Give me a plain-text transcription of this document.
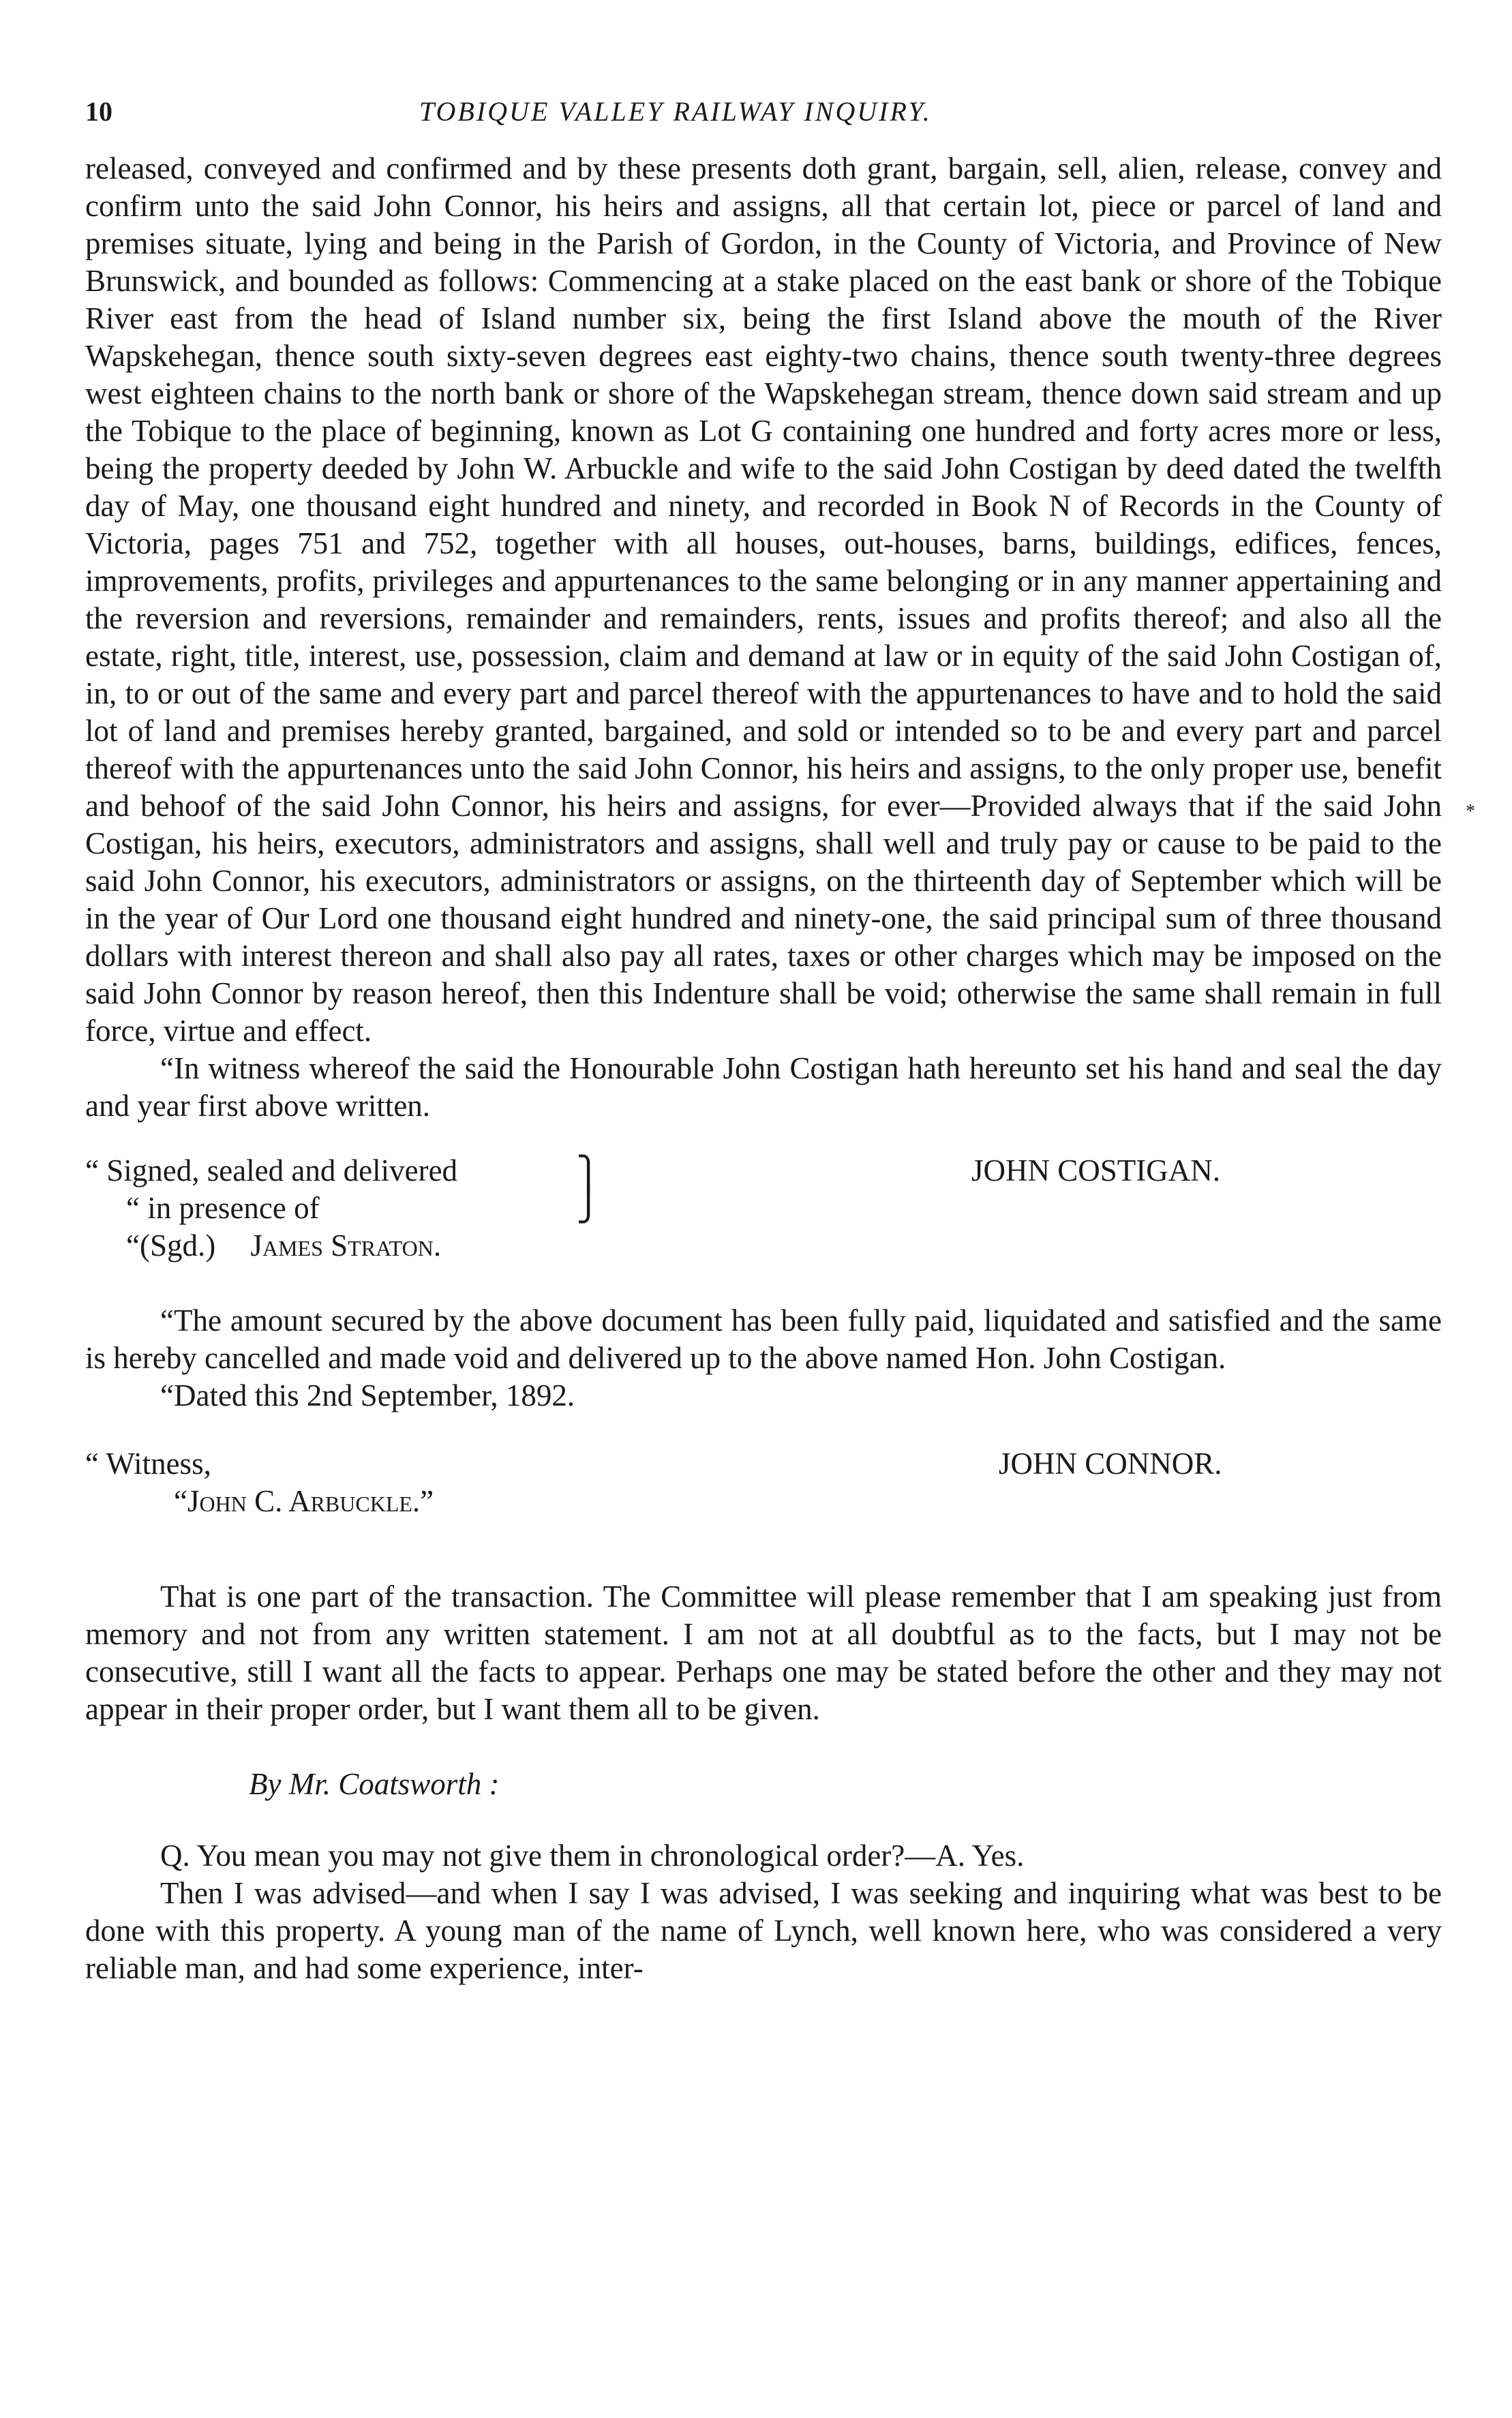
10	TOBIQUE VALLEY RAILWAY INQUIRY.

released, conveyed and confirmed and by these presents doth grant, bargain, sell, alien, release, convey and confirm unto the said John Connor, his heirs and assigns, all that certain lot, piece or parcel of land and premises situate, lying and being in the Parish of Gordon, in the County of Victoria, and Province of New Brunswick, and bounded as follows: Commencing at a stake placed on the east bank or shore of the Tobique River east from the head of Island number six, being the first Island above the mouth of the River Wapskehegan, thence south sixty-seven degrees east eighty-two chains, thence south twenty-three degrees west eighteen chains to the north bank or shore of the Wapskehegan stream, thence down said stream and up the Tobique to the place of beginning, known as Lot G containing one hundred and forty acres more or less, being the property deeded by John W. Arbuckle and wife to the said John Costigan by deed dated the twelfth day of May, one thousand eight hundred and ninety, and recorded in Book N of Records in the County of Victoria, pages 751 and 752, together with all houses, out-houses, barns, buildings, edifices, fences, improvements, profits, privileges and appurtenances to the same belonging or in any manner appertaining and the reversion and reversions, remainder and remainders, rents, issues and profits thereof; and also all the estate, right, title, interest, use, possession, claim and demand at law or in equity of the said John Costigan of, in, to or out of the same and every part and parcel thereof with the appurtenances to have and to hold the said lot of land and premises hereby granted, bargained, and sold or intended so to be and every part and parcel thereof with the appurtenances unto the said John Connor, his heirs and assigns, to the only proper use, benefit and behoof of the said John Connor, his heirs and assigns, for ever—Provided always that if the said John Costigan, his heirs, executors, administrators and assigns, shall well and truly pay or cause to be paid to the said John Connor, his executors, administrators or assigns, on the thirteenth day of September which will be in the year of Our Lord one thousand eight hundred and ninety-one, the said principal sum of three thousand dollars with interest thereon and shall also pay all rates, taxes or other charges which may be imposed on the said John Connor by reason hereof, then this Indenture shall be void; otherwise the same shall remain in full force, virtue and effect.

“In witness whereof the said the Honourable John Costigan hath hereunto set his hand and seal the day and year first above written.

“ Signed, sealed and delivered
“ in presence of
“(Sgd.) James Straton.
⎫
⎭
JOHN COSTIGAN.

“The amount secured by the above document has been fully paid, liquidated and satisfied and the same is hereby cancelled and made void and delivered up to the above named Hon. John Costigan.

“Dated this 2nd September, 1892.

“ Witness,
“John C. Arbuckle.”
JOHN CONNOR.

That is one part of the transaction. The Committee will please remember that I am speaking just from memory and not from any written statement. I am not at all doubtful as to the facts, but I may not be consecutive, still I want all the facts to appear. Perhaps one may be stated before the other and they may not appear in their proper order, but I want them all to be given.

By Mr. Coatsworth :

Q. You mean you may not give them in chronological order?—A. Yes.

Then I was advised—and when I say I was advised, I was seeking and inquiring what was best to be done with this property. A young man of the name of Lynch, well known here, who was considered a very reliable man, and had some experience, inter-

*
